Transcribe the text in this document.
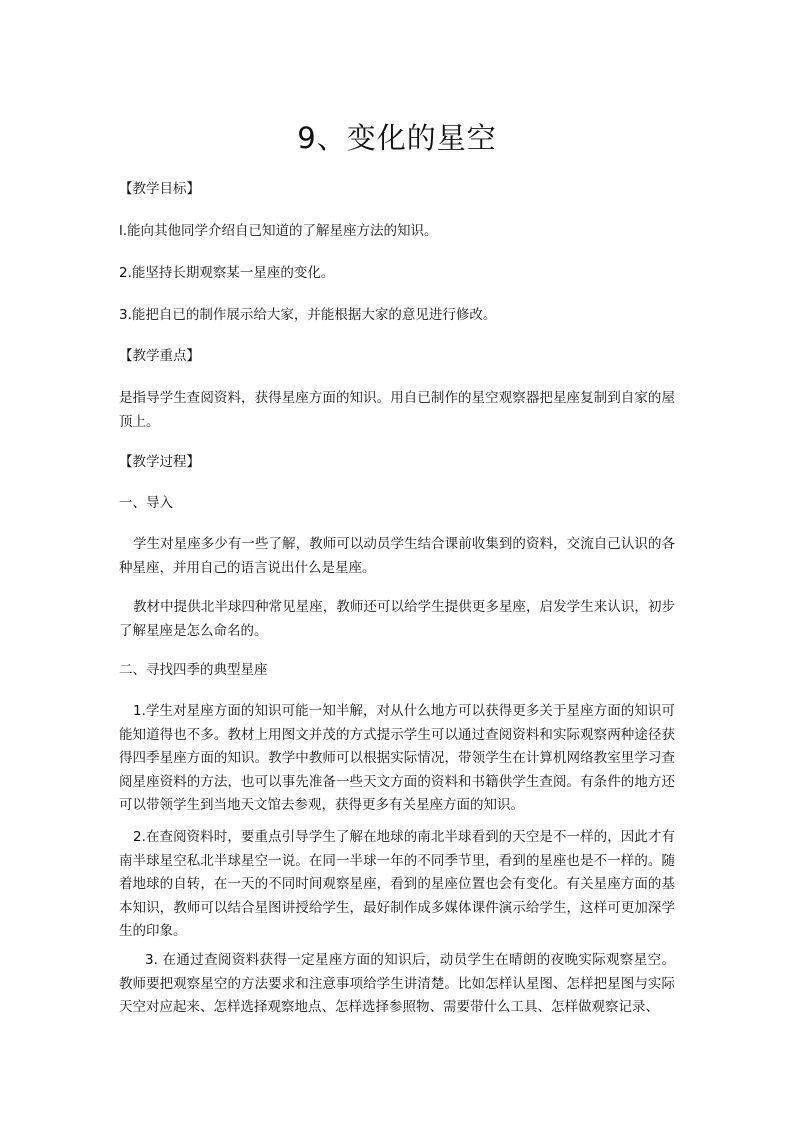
9、变化的星空

【教学目标】

l.能向其他同学介绍自已知道的了解星座方法的知识。

2.能坚持长期观察某一星座的变化。

3.能把自已的制作展示给大家，并能根据大家的意见进行修改。

【教学重点】

是指导学生查阅资料，获得星座方面的知识。用自已制作的星空观察器把星座复制到自家的屋顶上。

【教学过程】

一、导入

学生对星座多少有一些了解，教师可以动员学生结合课前收集到的资料，交流自己认识的各种星座，并用自己的语言说出什么是星座。

教材中提供北半球四种常见星座，教师还可以给学生提供更多星座，启发学生来认识，初步了解星座是怎么命名的。

二、寻找四季的典型星座

1.学生对星座方面的知识可能一知半解，对从什么地方可以获得更多关于星座方面的知识可能知道得也不多。教材上用图文并茂的方式提示学生可以通过查阅资料和实际观察两种途径获得四季星座方面的知识。教学中教师可以根据实际情况，带领学生在计算机网络教室里学习查阅星座资料的方法，也可以事先准备一些天文方面的资料和书籍供学生查阅。有条件的地方还可以带领学生到当地天文馆去参观，获得更多有关星座方面的知识。

2.在查阅资料时，要重点引导学生了解在地球的南北半球看到的天空是不一样的，因此才有南半球星空私北半球星空一说。在同一半球一年的不同季节里，看到的星座也是不一样的。随着地球的自转，在一天的不同时间观察星座，看到的星座位置也会有变化。有关星座方面的基本知识，教师可以结合星图讲授给学生，最好制作成多媒体课件演示给学生，这样可更加深学生的印象。

3. 在通过查阅资料获得一定星座方面的知识后，动员学生在晴朗的夜晚实际观察星空。教师要把观察星空的方法要求和注意事项给学生讲清楚。比如怎样认星图、怎样把星图与实际天空对应起来、怎样选择观察地点、怎样选择参照物、需要带什么工具、怎样做观察记录、
